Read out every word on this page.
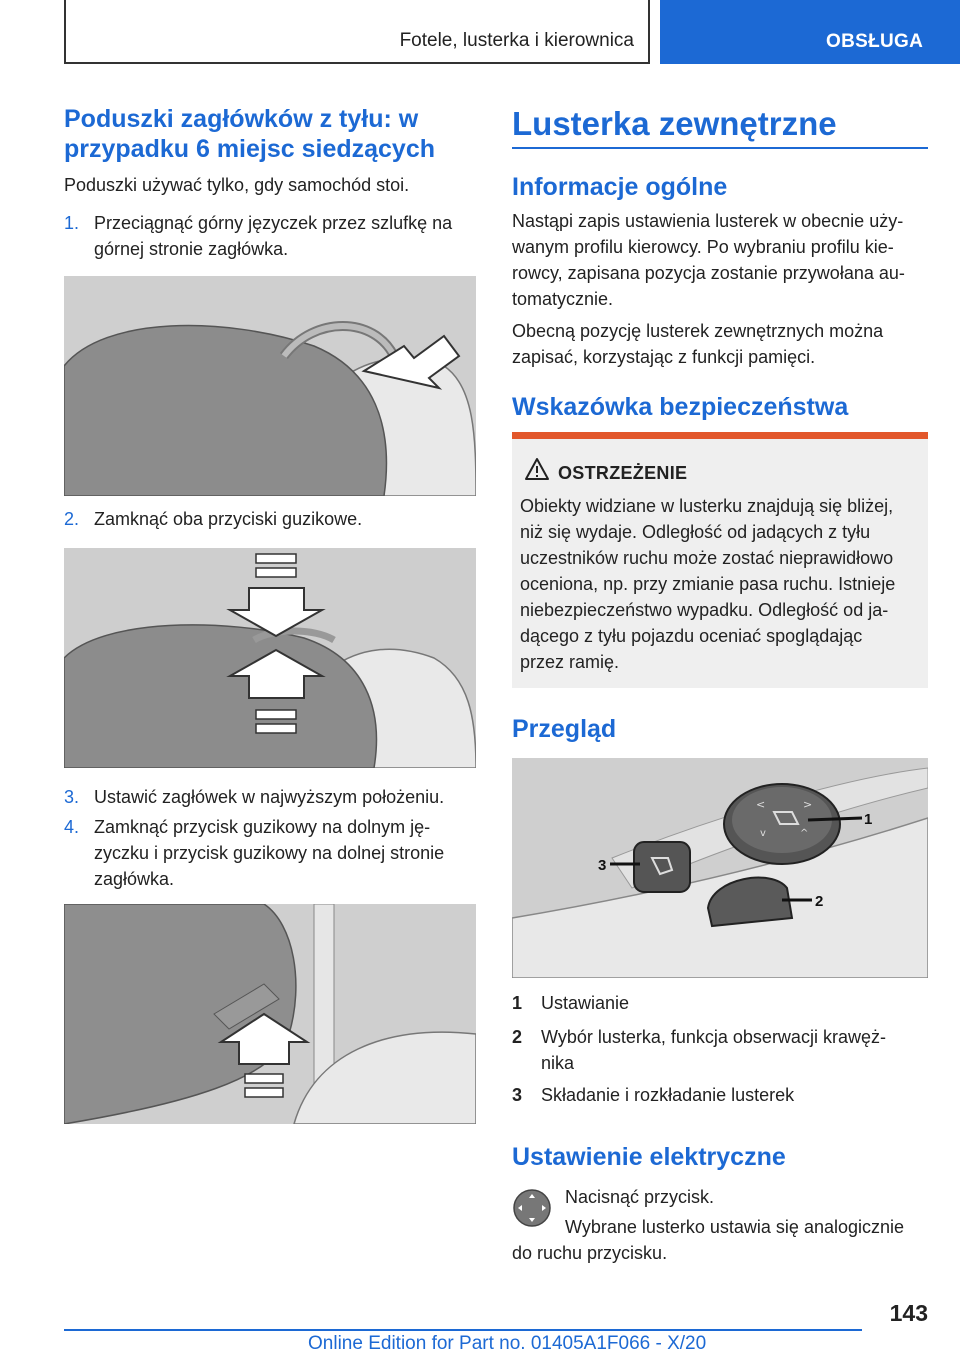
Fotele, lusterka i kierownica	OBSŁUGA
Poduszki zagłówków z tyłu: w
przypadku 6 miejsc siedzących
Poduszki używać tylko, gdy samochód stoi.
1. Przeciągnąć górny języczek przez szlufkę na
górnej stronie zagłówka.
2. Zamknąć oba przyciski guzikowe.
3. Ustawić zagłówek w najwyższym położeniu.
4. Zamknąć przycisk guzikowy na dolnym ję-
zyczku i przycisk guzikowy na dolnej stronie
zagłówka.
Lusterka zewnętrzne
Informacje ogólne
Nastąpi zapis ustawienia lusterek w obecnie uży-
wanym profilu kierowcy. Po wybraniu profilu kie-
rowcy, zapisana pozycja zostanie przywołana au-
tomatycznie.
Obecną pozycję lusterek zewnętrznych można
zapisać, korzystając z funkcji pamięci.
Wskazówka bezpieczeństwa
OSTRZEŻENIE
Obiekty widziane w lusterku znajdują się bliżej,
niż się wydaje. Odległość od jadących z tyłu
uczestników ruchu może zostać nieprawidłowo
oceniona, np. przy zmianie pasa ruchu. Istnieje
niebezpieczeństwo wypadku. Odległość od ja-
dącego z tyłu pojazdu oceniać spoglądając
przez ramię.
Przegląd
<	>
v	^
1
2
3
1 Ustawianie
2 Wybór lusterka, funkcja obserwacji krawęż-
nika
3 Składanie i rozkładanie lusterek
Ustawienie elektryczne
Nacisnąć przycisk.
Wybrane lusterko ustawia się analogicznie
do ruchu przycisku.
143
Online Edition for Part no. 01405A1F066 - X/20
